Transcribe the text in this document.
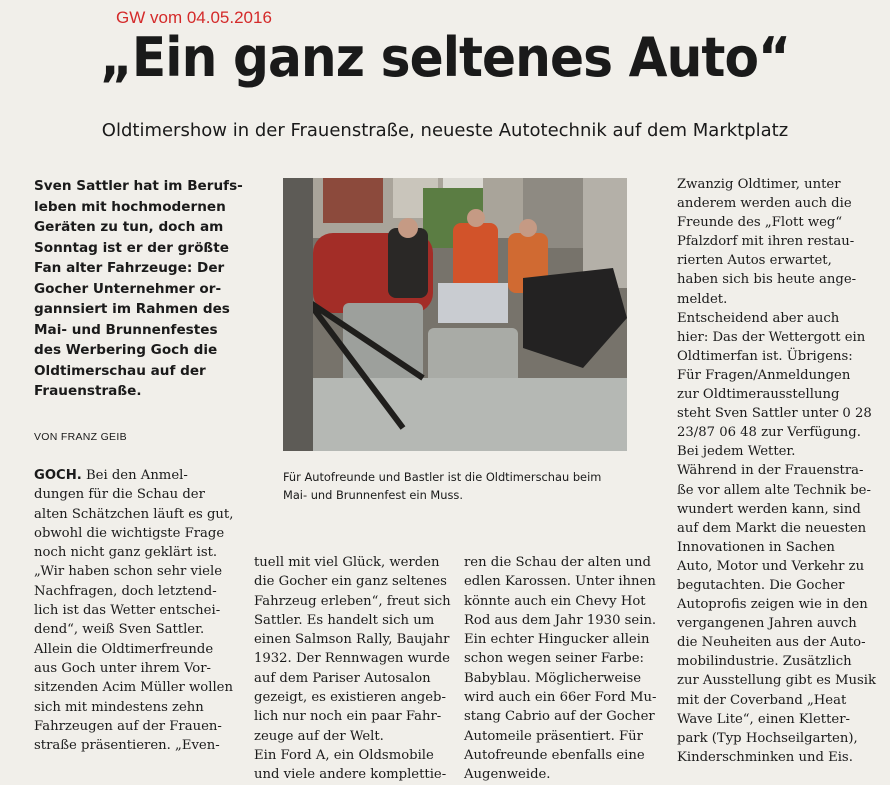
GW vom 04.05.2016
„Ein ganz seltenes Auto“
Oldtimershow in der Frauenstraße, neueste Autotechnik auf dem Marktplatz
Sven Sattler hat im Berufs-
leben mit hochmodernen
Geräten zu tun, doch am
Sonntag ist er der größte
Fan alter Fahrzeuge: Der
Gocher Unternehmer or-
gannsiert im Rahmen des
Mai- und Brunnenfestes
des Werbering Goch die
Oldtimerschau auf der
Frauenstraße.
VON FRANZ GEIB
Für Autofreunde und Bastler ist die Oldtimerschau beim
Mai- und Brunnenfest ein Muss.
GOCH. Bei den Anmel-
dungen für die Schau der
alten Schätzchen läuft es gut,
obwohl die wichtigste Frage
noch nicht ganz geklärt ist.
„Wir haben schon sehr viele
Nachfragen, doch letztend-
lich ist das Wetter entschei-
dend“, weiß Sven Sattler.
Allein die Oldtimerfreunde
aus Goch unter ihrem Vor-
sitzenden Acim Müller wollen
sich mit mindestens zehn
Fahrzeugen auf der Frauen-
straße präsentieren. „Even-
tuell mit viel Glück, werden
die Gocher ein ganz seltenes
Fahrzeug erleben“, freut sich
Sattler. Es handelt sich um
einen Salmson Rally, Baujahr
1932. Der Rennwagen wurde
auf dem Pariser Autosalon
gezeigt, es existieren angeb-
lich nur noch ein paar Fahr-
zeuge auf der Welt.
Ein Ford A, ein Oldsmobile
und viele andere komplettie-
ren die Schau der alten und
edlen Karossen. Unter ihnen
könnte auch ein Chevy Hot
Rod aus dem Jahr 1930 sein.
Ein echter Hingucker allein
schon wegen seiner Farbe:
Babyblau. Möglicherweise
wird auch ein 66er Ford Mu-
stang Cabrio auf der Gocher
Automeile präsentiert. Für
Autofreunde ebenfalls eine
Augenweide.
Zwanzig Oldtimer, unter
anderem werden auch die
Freunde des „Flott weg“
Pfalzdorf mit ihren restau-
rierten Autos erwartet,
haben sich bis heute ange-
meldet.
Entscheidend aber auch
hier: Das der Wettergott ein
Oldtimerfan ist. Übrigens:
Für Fragen/Anmeldungen
zur Oldtimerausstellung
steht Sven Sattler unter 0 28
23/87 06 48 zur Verfügung.
Bei jedem Wetter.
Während in der Frauenstra-
ße vor allem alte Technik be-
wundert werden kann, sind
auf dem Markt die neuesten
Innovationen in Sachen
Auto, Motor und Verkehr zu
begutachten. Die Gocher
Autoprofis zeigen wie in den
vergangenen Jahren auvch
die Neuheiten aus der Auto-
mobilindustrie. Zusätzlich
zur Ausstellung gibt es Musik
mit der Coverband „Heat
Wave Lite“, einen Kletter-
park (Typ Hochseilgarten),
Kinderschminken und Eis.
